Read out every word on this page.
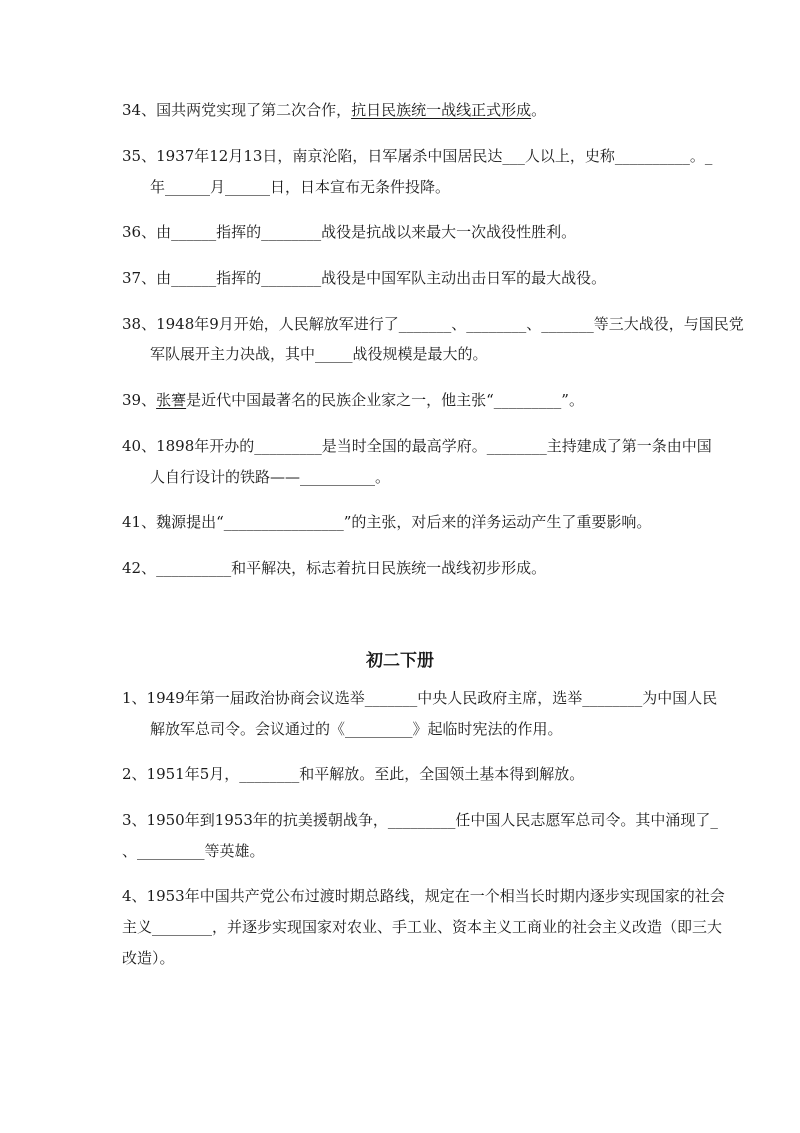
34、国共两党实现了第二次合作，抗日民族统一战线正式形成。
35、1937年12月13日，南京沦陷，日军屠杀中国居民达___人以上，史称__________。_
年______月______日，日本宣布无条件投降。
36、由______指挥的________战役是抗战以来最大一次战役性胜利。
37、由______指挥的________战役是中国军队主动出击日军的最大战役。
38、1948年9月开始，人民解放军进行了_______、________、_______等三大战役，与国民党
军队展开主力决战，其中_____战役规模是最大的。
39、张謇是近代中国最著名的民族企业家之一，他主张“_________”。
40、1898年开办的_________是当时全国的最高学府。________主持建成了第一条由中国
人自行设计的铁路——__________。
41、魏源提出“________________”的主张，对后来的洋务运动产生了重要影响。
42、__________和平解决，标志着抗日民族统一战线初步形成。
初二下册
1、1949年第一届政治协商会议选举_______中央人民政府主席，选举________为中国人民
解放军总司令。会议通过的《_________》起临时宪法的作用。
2、1951年5月，________和平解放。至此，全国领土基本得到解放。
3、1950年到1953年的抗美援朝战争，_________任中国人民志愿军总司令。其中涌现了_
、_________等英雄。
4、1953年中国共产党公布过渡时期总路线，规定在一个相当长时期内逐步实现国家的社会
主义________，并逐步实现国家对农业、手工业、资本主义工商业的社会主义改造（即三大
改造）。
